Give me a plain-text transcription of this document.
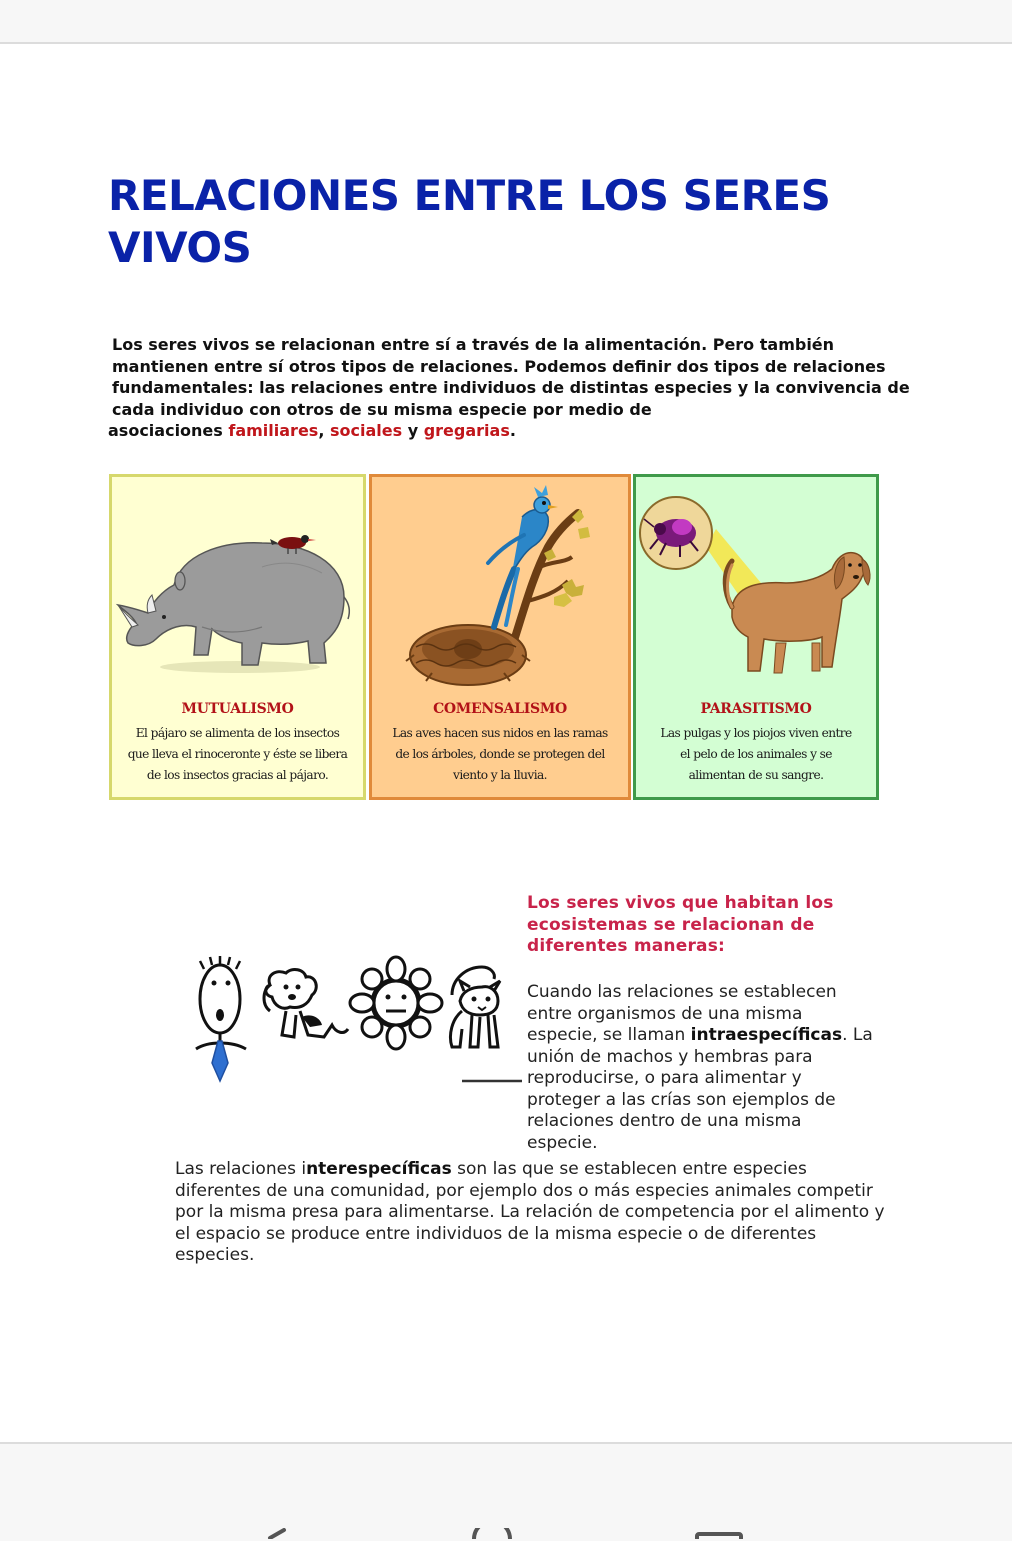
RELACIONES ENTRE LOS SERES VIVOS

Los seres vivos se relacionan entre sí a través de la alimentación. Pero también
mantienen entre sí otros tipos de relaciones. Podemos definir dos tipos de relaciones
fundamentales: las relaciones entre individuos de distintas especies y la convivencia de
cada individuo con otros de su misma especie por medio de
asociaciones familiares, sociales y gregarias.

MUTUALISMO
El pájaro se alimenta de los insectos
que lleva el rinoceronte y éste se libera
de los insectos gracias al pájaro.
COMENSALISMO
Las aves hacen sus nidos en las ramas
de los árboles, donde se protegen del
viento y la lluvia.
PARASITISMO
Las pulgas y los piojos viven entre
el pelo de los animales y se
alimentan de su sangre.
Los seres vivos que habitan los ecosistemas se relacionan de diferentes maneras:

Cuando las relaciones se establecen entre organismos de una misma especie, se llaman intraespecíficas. La unión de machos y hembras para reproducirse, o para alimentar y proteger a las crías son ejemplos de relaciones dentro de una misma especie.

Las relaciones interespecíficas son las que se establecen entre especies diferentes de una comunidad, por ejemplo dos o más especies animales competir por la misma presa para alimentarse. La relación de competencia por el alimento y el espacio se produce entre individuos de la misma especie o de diferentes especies.
